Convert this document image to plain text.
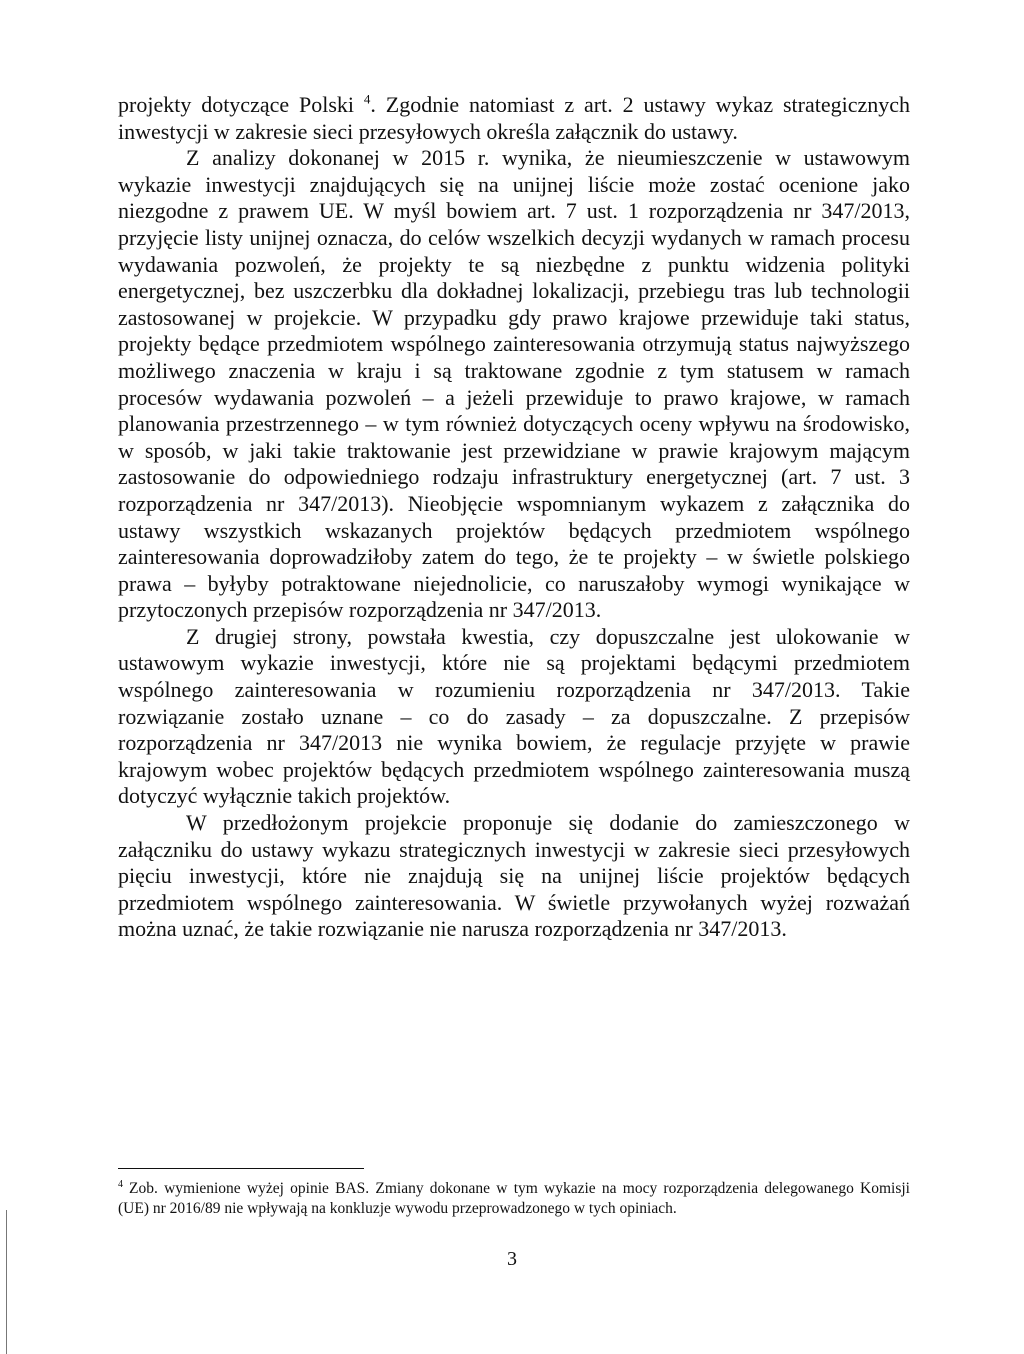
projekty dotyczące Polski $^4$. Zgodnie natomiast z art. 2 ustawy wykaz strategicznych inwestycji w zakresie sieci przesyłowych określa załącznik do ustawy.

Z analizy dokonanej w 2015 r. wynika, że nieumieszczenie w ustawowym wykazie inwestycji znajdujących się na unijnej liście może zostać ocenione jako niezgodne z prawem UE. W myśl bowiem art. 7 ust. 1 rozporządzenia nr 347/2013, przyjęcie listy unijnej oznacza, do celów wszelkich decyzji wydanych w ramach procesu wydawania pozwoleń, że projekty te są niezbędne z punktu widzenia polityki energetycznej, bez uszczerbku dla dokładnej lokalizacji, przebiegu tras lub technologii zastosowanej w projekcie. W przypadku gdy prawo krajowe przewiduje taki status, projekty będące przedmiotem wspólnego zainteresowania otrzymują status najwyższego możliwego znaczenia w kraju i są traktowane zgodnie z tym statusem w ramach procesów wydawania pozwoleń – a jeżeli przewiduje to prawo krajowe, w ramach planowania przestrzennego – w tym również dotyczących oceny wpływu na środowisko, w sposób, w jaki takie traktowanie jest przewidziane w prawie krajowym mającym zastosowanie do odpowiedniego rodzaju infrastruktury energetycznej (art. 7 ust. 3 rozporządzenia nr 347/2013). Nieobjęcie wspomnianym wykazem z załącznika do ustawy wszystkich wskazanych projektów będących przedmiotem wspólnego zainteresowania doprowadziłoby zatem do tego, że te projekty – w świetle polskiego prawa – byłyby potraktowane niejednolicie, co naruszałoby wymogi wynikające w przytoczonych przepisów rozporządzenia nr 347/2013.

Z drugiej strony, powstała kwestia, czy dopuszczalne jest ulokowanie w ustawowym wykazie inwestycji, które nie są projektami będącymi przedmiotem wspólnego zainteresowania w rozumieniu rozporządzenia nr 347/2013. Takie rozwiązanie zostało uznane – co do zasady – za dopuszczalne. Z przepisów rozporządzenia nr 347/2013 nie wynika bowiem, że regulacje przyjęte w prawie krajowym wobec projektów będących przedmiotem wspólnego zainteresowania muszą dotyczyć wyłącznie takich projektów.

W przedłożonym projekcie proponuje się dodanie do zamieszczonego w załączniku do ustawy wykazu strategicznych inwestycji w zakresie sieci przesyłowych pięciu inwestycji, które nie znajdują się na unijnej liście projektów będących przedmiotem wspólnego zainteresowania. W świetle przywołanych wyżej rozważań można uznać, że takie rozwiązanie nie narusza rozporządzenia nr 347/2013.

$^4$ Zob. wymienione wyżej opinie BAS. Zmiany dokonane w tym wykazie na mocy rozporządzenia delegowanego Komisji (UE) nr 2016/89 nie wpływają na konkluzje wywodu przeprowadzonego w tych opiniach.

3
